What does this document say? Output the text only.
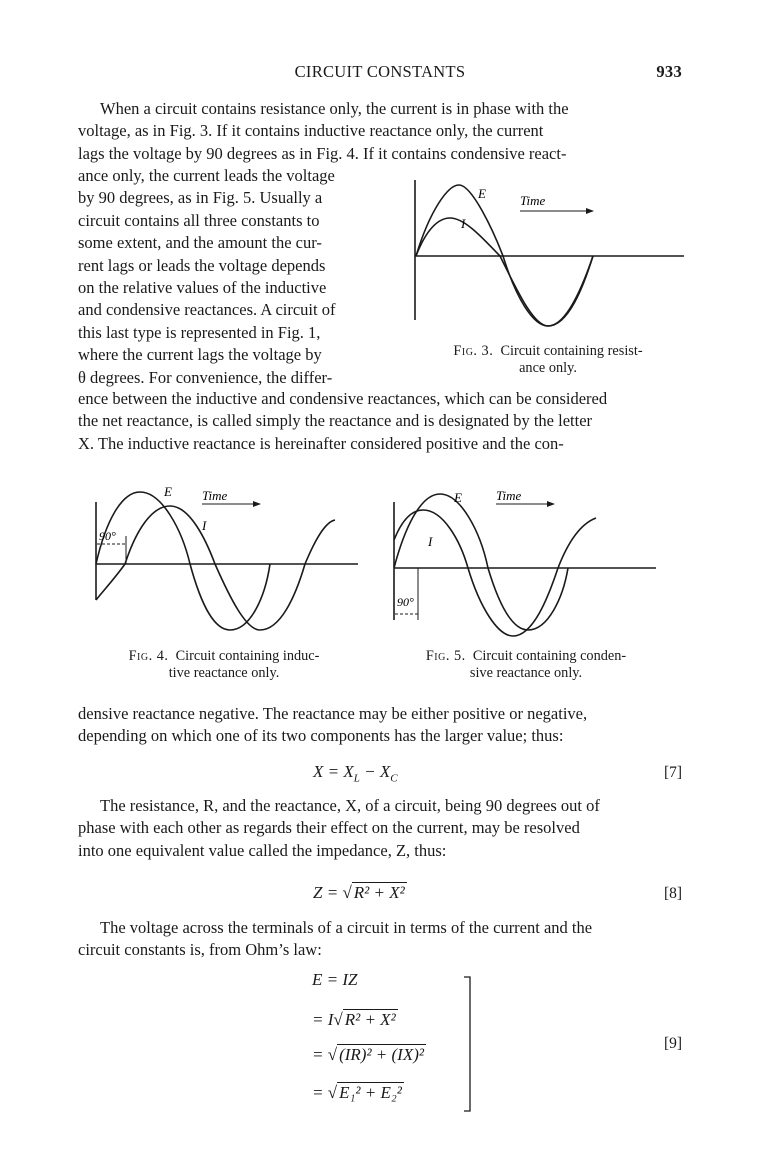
CIRCUIT CONSTANTS	933

When a circuit contains resistance only, the current is in phase with the

voltage, as in Fig. 3. If it contains inductive reactance only, the current

lags the voltage by 90 degrees as in Fig. 4. If it contains condensive react-

ance only, the current leads the voltage

by 90 degrees, as in Fig. 5. Usually a

circuit contains all three constants to

some extent, and the amount the cur-

rent lags or leads the voltage depends

on the relative values of the inductive

and condensive reactances. A circuit of

this last type is represented in Fig. 1,

where the current lags the voltage by

θ degrees. For convenience, the differ-

E
I
Time
Fig. 3. Circuit containing resist-
ance only.

ence between the inductive and condensive reactances, which can be considered

the net reactance, is called simply the reactance and is designated by the letter

X. The inductive reactance is hereinafter considered positive and the con-

E
I
Time
90°
Fig. 4. Circuit containing induc-
tive reactance only.
E
I
Time
90°
Fig. 5. Circuit containing conden-
sive reactance only.

densive reactance negative. The reactance may be either positive or negative,

depending on which one of its two components has the larger value; thus:

$X = X_L - X_C$	[7]

The resistance, R, and the reactance, X, of a circuit, being 90 degrees out of

phase with each other as regards their effect on the current, may be resolved

into one equivalent value called the impedance, Z, thus:

Z = √ R² + X²	[8]

The voltage across the terminals of a circuit in terms of the current and the

circuit constants is, from Ohm’s law:

E = IZ
= I√ R² + X²
= √ (IR)² + (IX)²
= √ E₁² + E₂²
[9]
